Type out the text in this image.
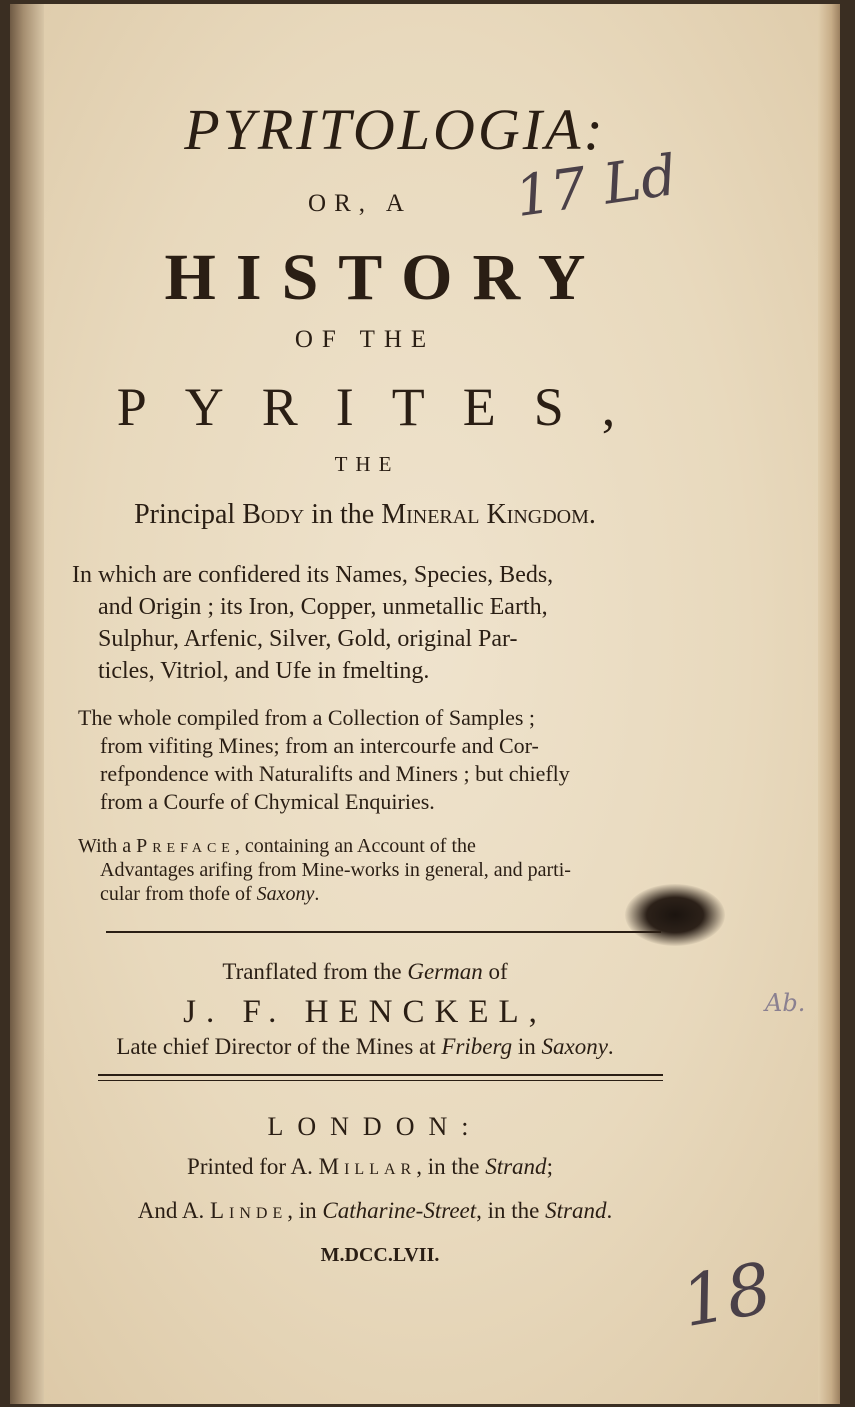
PYRITOLOGIA:
OR, A
HISTORY
OF THE
PYRITES,
THE
Principal Body in the Mineral Kingdom.
In which are confidered its Names, Species, Beds,
and Origin ; its Iron, Copper, unmetallic Earth,
Sulphur, Arfenic, Silver, Gold, original Par-
ticles, Vitriol, and Ufe in fmelting.
The whole compiled from a Collection of Samples ;
from vifiting Mines; from an intercourfe and Cor-
refpondence with Naturalifts and Miners ; but chiefly
from a Courfe of Chymical Enquiries.
With a Preface, containing an Account of the
Advantages arifing from Mine-works in general, and parti-
cular from thofe of Saxony.
Tranflated from the German of
J. F. HENCKEL,
Late chief Director of the Mines at Friberg in Saxony.
LONDON:
Printed for A. Millar, in the Strand;
And A. Linde, in Catharine-Street, in the Strand.
M.DCC.LVII.
17 Ld
Ab.
18
